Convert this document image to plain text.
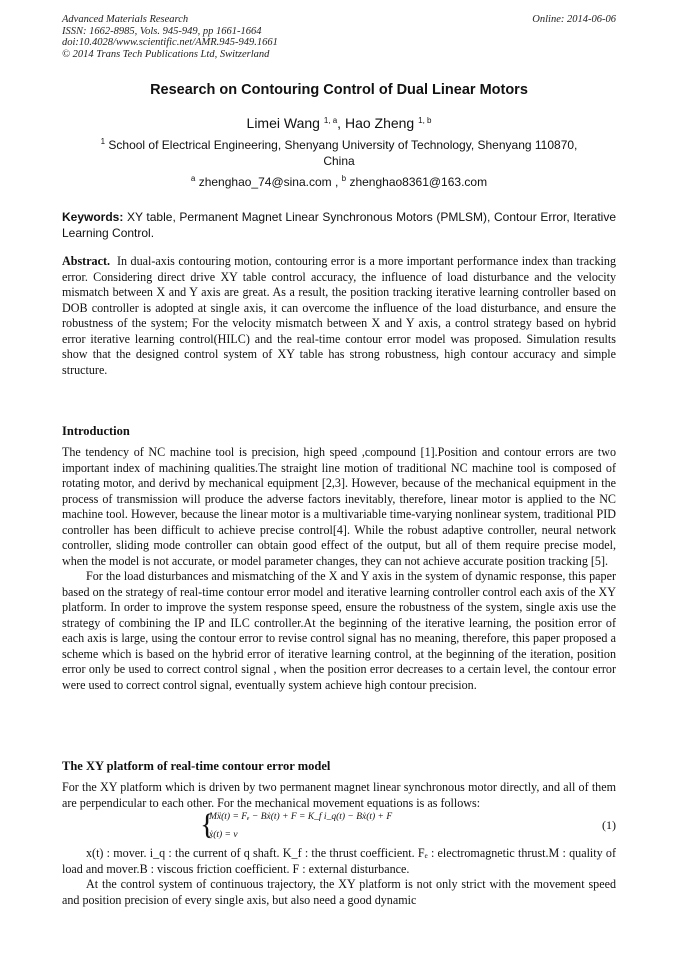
Advanced Materials Research
ISSN: 1662-8985, Vols. 945-949, pp 1661-1664
doi:10.4028/www.scientific.net/AMR.945-949.1661
© 2014 Trans Tech Publications Ltd, Switzerland
Online: 2014-06-06
Research on Contouring Control of Dual Linear Motors
Limei Wang $^{1, a}$, Hao Zheng $^{1, b}$
$^1$ School of Electrical Engineering, Shenyang University of Technology, Shenyang 110870, China
$^a$ zhenghao_74@sina.com , $^b$ zhenghao8361@163.com
Keywords: XY table, Permanent Magnet Linear Synchronous Motors (PMLSM), Contour Error, Iterative Learning Control.

Abstract. In dual-axis contouring motion, contouring error is a more important performance index than tracking error. Considering direct drive XY table control accuracy, the influence of load disturbance and the velocity mismatch between X and Y axis are great. As a result, the position tracking iterative learning controller based on DOB controller is adopted at single axis, it can overcome the influence of the load disturbance, and ensure the robustness of the system; For the velocity mismatch between X and Y axis, a control strategy based on hybrid error iterative learning control(HILC) and the real-time contour error model was proposed. Simulation results show that the designed control system of XY table has strong robustness, high contour accuracy and simple structure.

Introduction

The tendency of NC machine tool is precision, high speed ,compound [1].Position and contour errors are two important index of machining qualities.The straight line motion of traditional NC machine tool is composed of rotating motor, and derivd by mechanical equipment [2,3]. However, because of the mechanical equipment in the process of transmission will produce the adverse factors inevitably, therefore, linear motor is applied to the NC machine tool. However, because the linear motor is a multivariable time-varying nonlinear system, traditional PID controller has been difficult to achieve precise control[4]. While the robust adaptive controller, neural network controller, sliding mode controller can obtain good effect of the output, but all of them require precise model, when the model is not accurate, or model parameter changes, they can not achieve accurate position tracking [5].

For the load disturbances and mismatching of the X and Y axis in the system of dynamic response, this paper based on the strategy of real-time contour error model and iterative learning controller control each axis of the XY platform. In order to improve the system response speed, ensure the robustness of the system, single axis use the strategy of combining the IP and ILC controller.At the beginning of the iterative learning, the position error of each axis is large, using the contour error to revise control signal has no meaning, therefore, this paper proposed a scheme which is based on the hybrid error of iterative learning control, at the beginning of the iteration, position error only be used to correct control signal , when the position error decreases to a certain level, the contour error were used to correct control signal, eventually system achieve high contour precision.

The XY platform of real-time contour error model
For the XY platform which is driven by two permanent magnet linear synchronous motor directly, and all of them are perpendicular to each other. For the mechanical movement equations is as follows:
{
Mẍ(t) = Fₑ − Bẋ(t) + F = K_f i_q(t) − Bẋ(t) + F
ẋ(t) = v
(1)

x(t) : mover. i_q : the current of q shaft. K_f : the thrust coefficient. Fₑ : electromagnetic thrust.M : quality of load and mover.B : viscous friction coefficient. F : external disturbance.

At the control system of continuous trajectory, the XY platform is not only strict with the movement speed and position precision of every single axis, but also need a good dynamic
